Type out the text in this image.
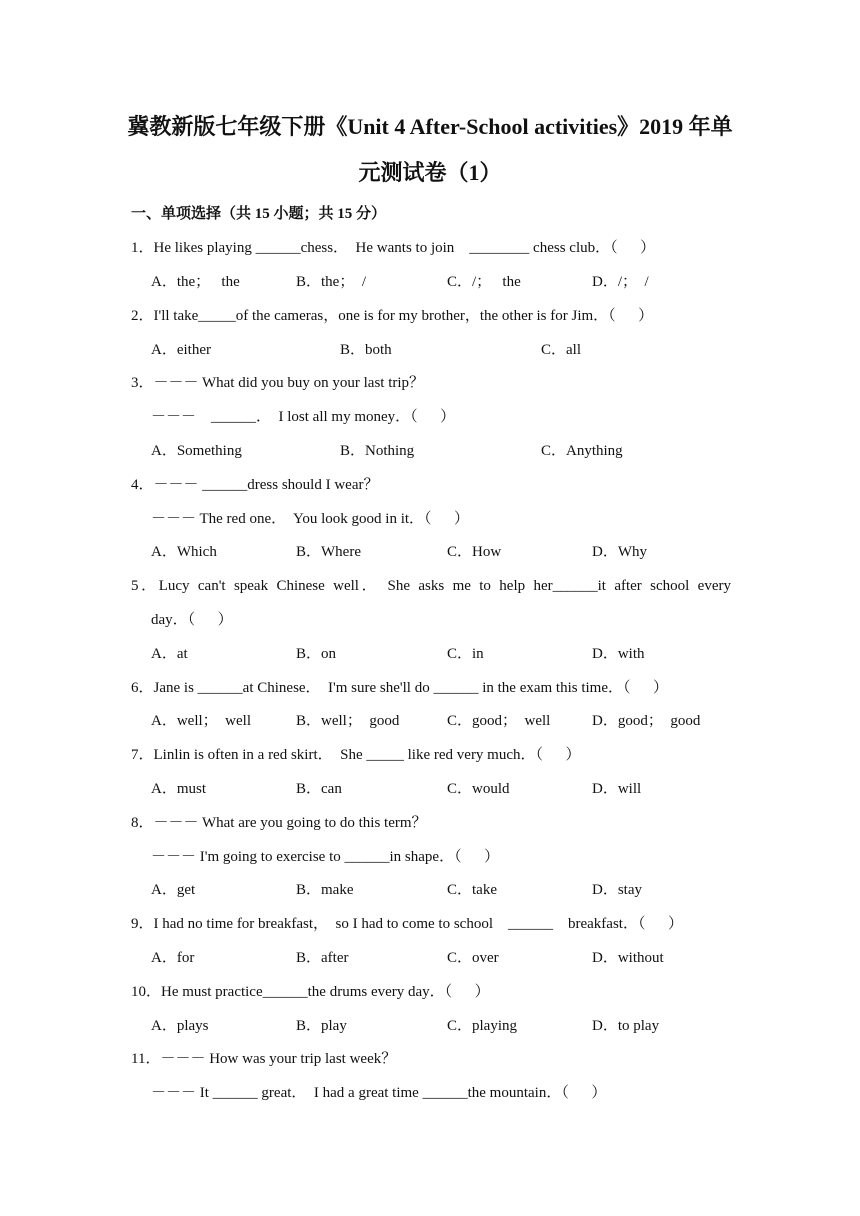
冀教新版七年级下册《Unit 4 After-School activities》2019 年单
元测试卷（1）
一、单项选择（共 15 小题；共 15 分）
1．He likes playing ______chess．  He wants to join    ________ chess club．（      ）
A．the；   the	B．the；  /	C．/；   the	D．/；  /
2．I'll take_____of the cameras，one is for my brother，the other is for Jim．（      ）
A．either	B．both	C．all
3．－－－ What did you buy on your last trip？
－－－    ______．  I lost all my money．（      ）
A．Something	B．Nothing	C．Anything
4．－－－ ______dress should I wear？
－－－ The red one．  You look good in it．（      ）
A．Which	B．Where	C．How	D．Why
5．Lucy can't speak Chinese well． She asks me to help her______it after school every
day．（      ）
A．at	B．on	C．in	D．with
6．Jane is ______at Chinese．  I'm sure she'll do ______ in the exam this time．（      ）
A．well；  well	B．well；  good	C．good；  well	D．good；  good
7．Linlin is often in a red skirt．  She _____ like red very much．（      ）
A．must	B．can	C．would	D．will
8．－－－ What are you going to do this term？
－－－ I'm going to exercise to ______in shape．（      ）
A．get	B．make	C．take	D．stay
9．I had no time for breakfast，  so I had to come to school    ______    breakfast．（      ）
A．for	B．after	C．over	D．without
10．He must practice______the drums every day．（      ）
A．plays	B．play	C．playing	D．to play
11．－－－ How was your trip last week？
－－－ It ______ great．  I had a great time ______the mountain．（      ）
